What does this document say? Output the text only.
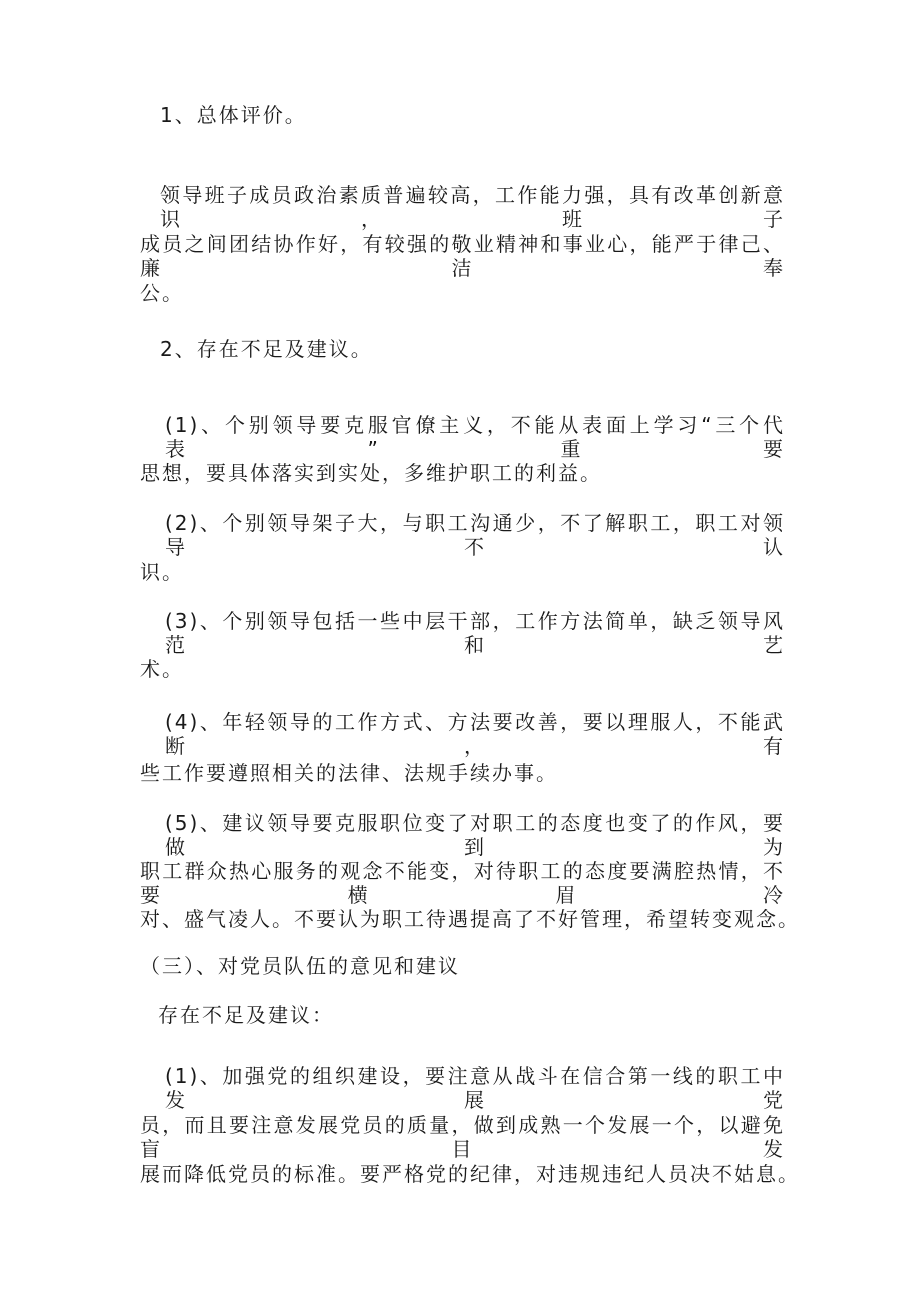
1、总体评价。
领导班子成员政治素质普遍较高，工作能力强，具有改革创新意识，班子
成员之间团结协作好，有较强的敬业精神和事业心，能严于律己、廉洁奉
公。
2、存在不足及建议。
(1)、个别领导要克服官僚主义，不能从表面上学习“三个代表”重要
思想，要具体落实到实处，多维护职工的利益。
(2)、个别领导架子大，与职工沟通少，不了解职工，职工对领导不认
识。
(3)、个别领导包括一些中层干部，工作方法简单，缺乏领导风范和艺
术。
(4)、年轻领导的工作方式、方法要改善，要以理服人，不能武断，有
些工作要遵照相关的法律、法规手续办事。
(5)、建议领导要克服职位变了对职工的态度也变了的作风，要做到为
职工群众热心服务的观念不能变，对待职工的态度要满腔热情，不要横眉冷
对、盛气凌人。不要认为职工待遇提高了不好管理，希望转变观念。
（三）、对党员队伍的意见和建议
存在不足及建议：
(1)、加强党的组织建设，要注意从战斗在信合第一线的职工中发展党
员，而且要注意发展党员的质量，做到成熟一个发展一个，以避免盲目发
展而降低党员的标准。要严格党的纪律，对违规违纪人员决不姑息。
